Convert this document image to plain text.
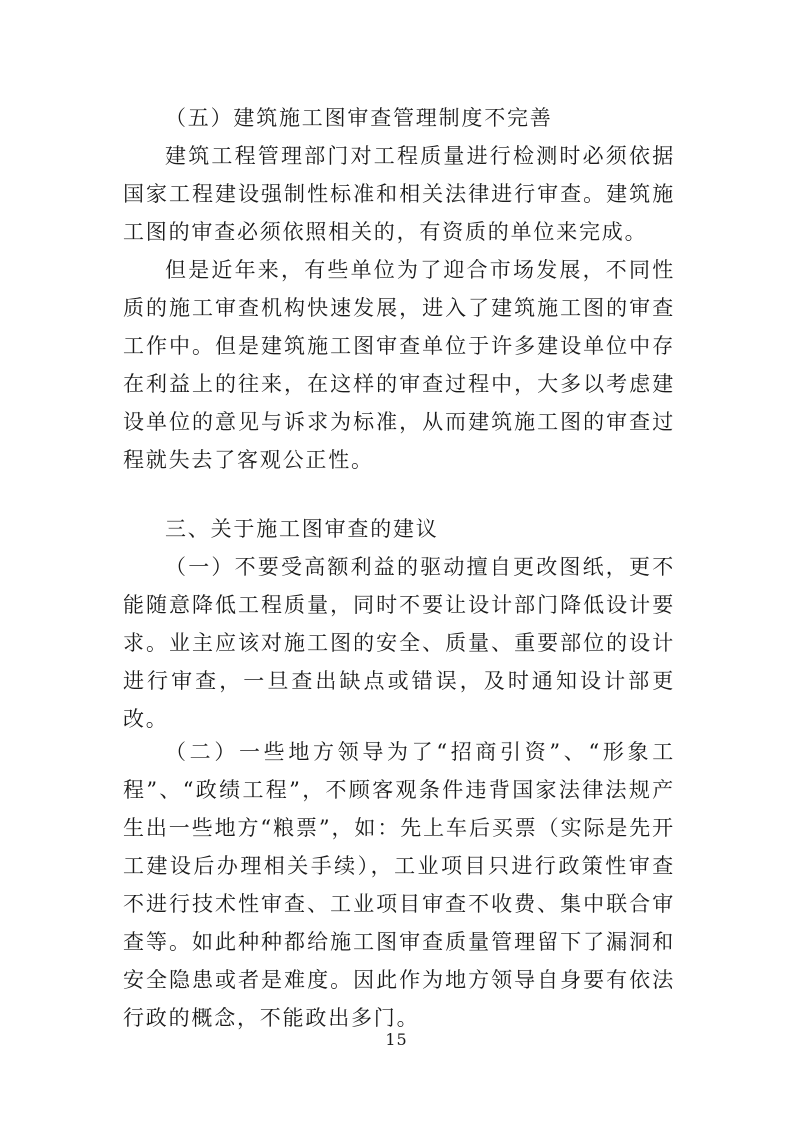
（五）建筑施工图审查管理制度不完善

建筑工程管理部门对工程质量进行检测时必须依据国家工程建设强制性标准和相关法律进行审查。建筑施工图的审查必须依照相关的，有资质的单位来完成。

但是近年来，有些单位为了迎合市场发展，不同性质的施工审查机构快速发展，进入了建筑施工图的审查工作中。但是建筑施工图审查单位于许多建设单位中存在利益上的往来，在这样的审查过程中，大多以考虑建设单位的意见与诉求为标准，从而建筑施工图的审查过程就失去了客观公正性。

三、关于施工图审查的建议

（一）不要受高额利益的驱动擅自更改图纸，更不能随意降低工程质量，同时不要让设计部门降低设计要求。业主应该对施工图的安全、质量、重要部位的设计进行审查，一旦查出缺点或错误，及时通知设计部更改。

（二）一些地方领导为了“招商引资”、“形象工程”、“政绩工程”，不顾客观条件违背国家法律法规产生出一些地方“粮票”，如：先上车后买票（实际是先开工建设后办理相关手续），工业项目只进行政策性审查不进行技术性审查、工业项目审查不收费、集中联合审查等。如此种种都给施工图审查质量管理留下了漏洞和安全隐患或者是难度。因此作为地方领导自身要有依法行政的概念，不能政出多门。

15
